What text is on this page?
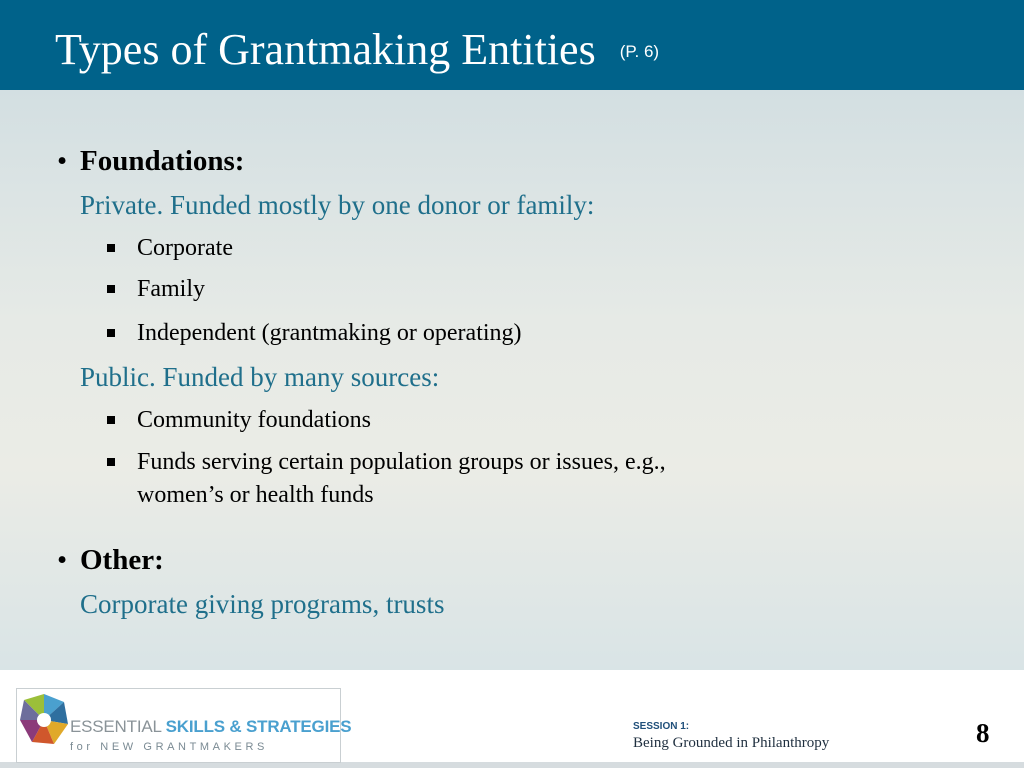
Types of Grantmaking Entities (P. 6)
• Foundations:
Private. Funded mostly by one donor or family:
Corporate
Family
Independent (grantmaking or operating)
Public. Funded by many sources:
Community foundations
Funds serving certain population groups or issues, e.g.,
women’s or health funds
• Other:
Corporate giving programs, trusts
ESSENTIAL SKILLS & STRATEGIES
for NEW GRANTMAKERS
SESSION 1:
Being Grounded in Philanthropy	8
